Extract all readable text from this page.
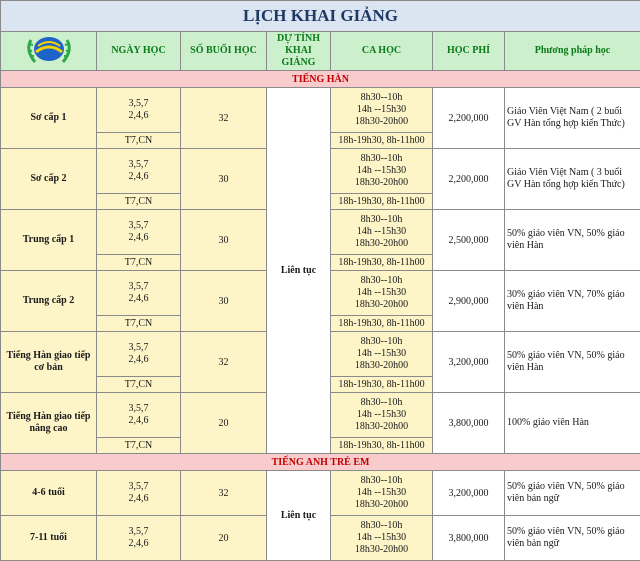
LỊCH KHAI GIẢNG						
	NGÀY HỌC	SỐ BUỔI HỌC	DỰ TÍNH KHAI GIẢNG	CA HỌC	HỌC PHÍ	Phương pháp học
TIẾNG HÀN						
Sơ cấp 1	3,5,7
2,4,6	32	Liên tục	8h30--10h
14h --15h30
18h30-20h00	2,200,000	Giáo Viên Việt Nam ( 2 buổi GV Hàn tổng hợp kiến Thức)
	T7,CN			18h-19h30, 8h-11h00		
Sơ cấp 2	3,5,7
2,4,6	30		8h30--10h
14h --15h30
18h30-20h00	2,200,000	Giáo Viên Việt Nam ( 3 buổi GV Hàn tổng hợp kiến Thức)
	T7,CN			18h-19h30, 8h-11h00		
Trung cấp 1	3,5,7
2,4,6	30		8h30--10h
14h --15h30
18h30-20h00	2,500,000	50% giáo viên VN, 50% giáo viên Hàn
	T7,CN			18h-19h30, 8h-11h00		
Trung cấp 2	3,5,7
2,4,6	30		8h30--10h
14h --15h30
18h30-20h00	2,900,000	30% giáo viên VN, 70% giáo viên Hàn
	T7,CN			18h-19h30, 8h-11h00		
Tiếng Hàn giao tiếp cơ bản	3,5,7
2,4,6	32		8h30--10h
14h --15h30
18h30-20h00	3,200,000	50% giáo viên VN, 50% giáo viên Hàn
	T7,CN			18h-19h30, 8h-11h00		
Tiếng Hàn giao tiếp nâng cao	3,5,7
2,4,6	20		8h30--10h
14h --15h30
18h30-20h00	3,800,000	100% giáo viên Hàn
	T7,CN			18h-19h30, 8h-11h00		
TIẾNG ANH TRẺ EM						
4-6 tuổi	3,5,7
2,4,6	32	Liên tục	8h30--10h
14h --15h30
18h30-20h00	3,200,000	50% giáo viên VN, 50% giáo viên bản ngữ
7-11 tuổi	3,5,7
2,4,6	20		8h30--10h
14h --15h30
18h30-20h00	3,800,000	50% giáo viên VN, 50% giáo viên bản ngữ
